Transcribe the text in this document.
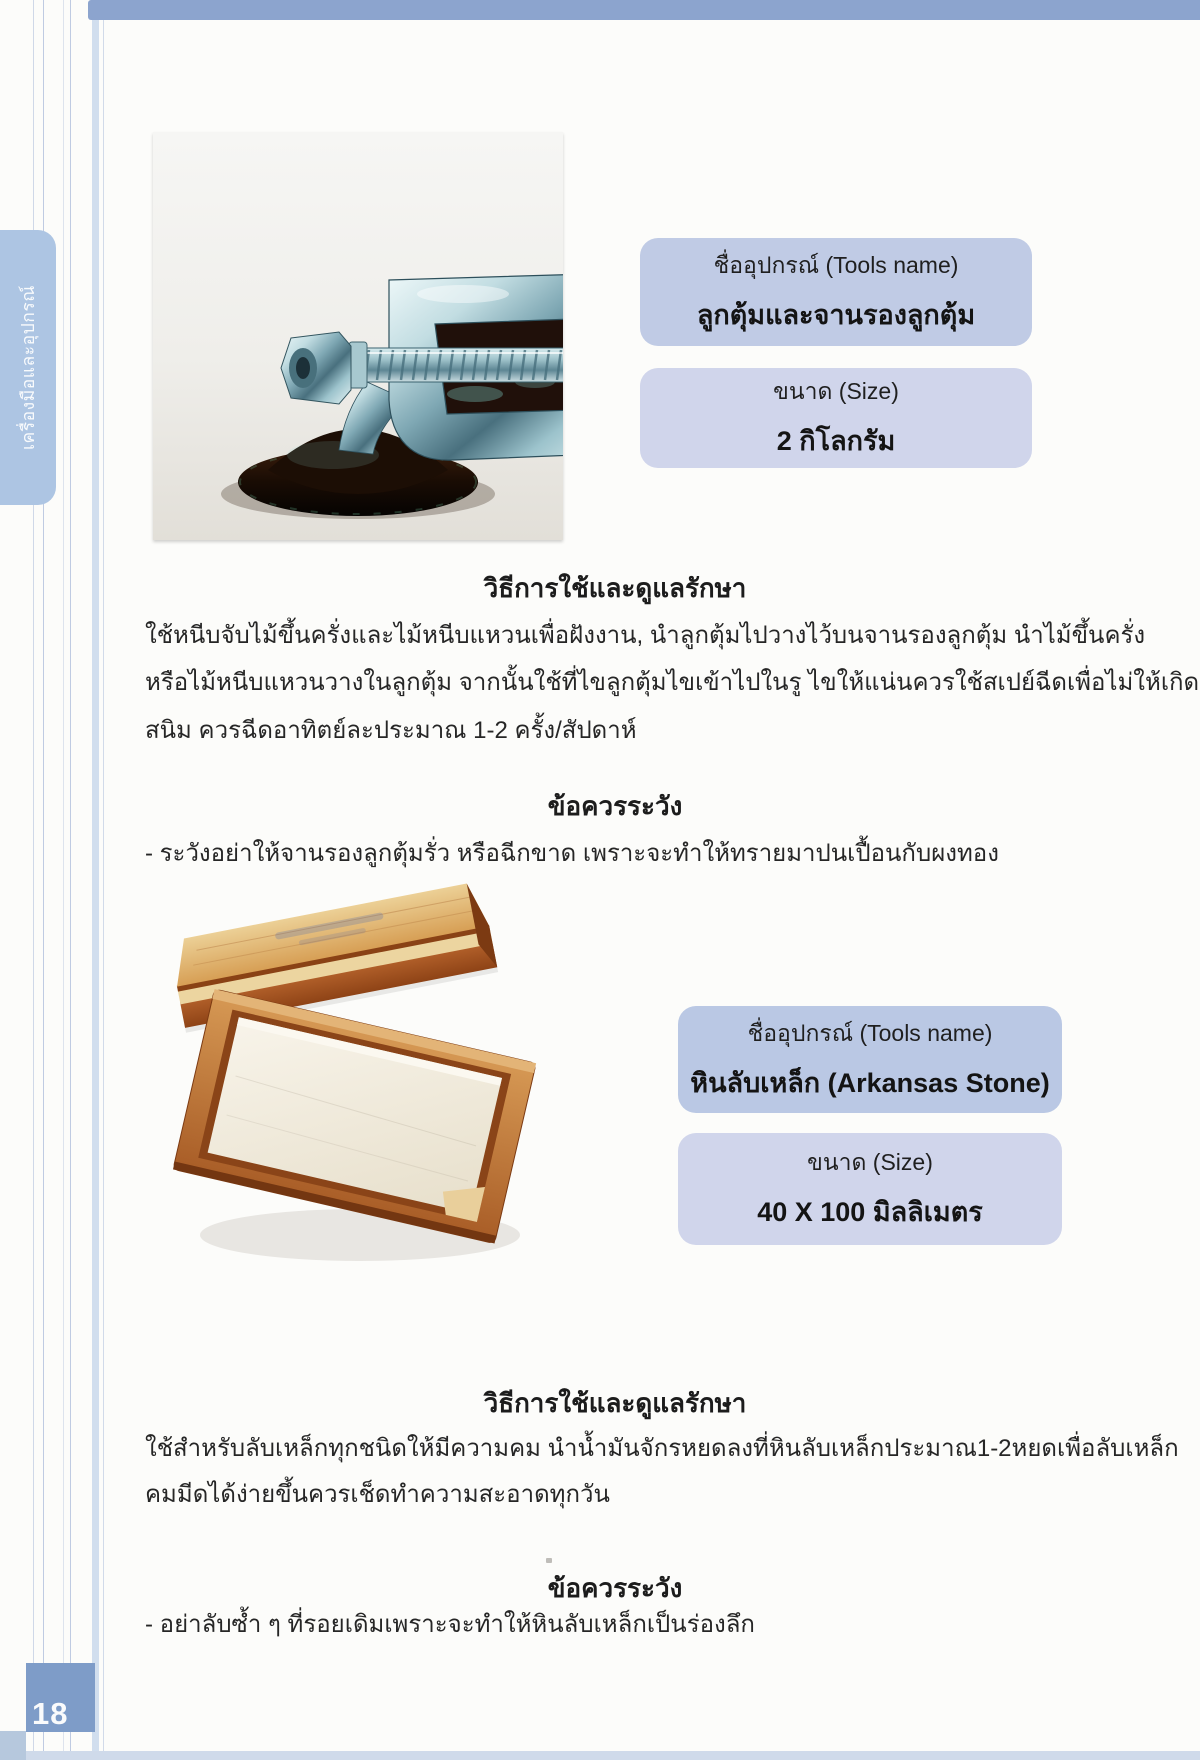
เครื่องมือและอุปกรณ์
18
ชื่ออุปกรณ์ (Tools name)
ลูกตุ้มและจานรองลูกตุ้ม
ขนาด (Size)
2 กิโลกรัม
วิธีการใช้และดูแลรักษา
ใช้หนีบจับไม้ขึ้นครั่งและไม้หนีบแหวนเพื่อฝังงาน, นำลูกตุ้มไปวางไว้บนจานรองลูกตุ้ม นำไม้ขึ้นครั่ง
หรือไม้หนีบแหวนวางในลูกตุ้ม จากนั้นใช้ที่ไขลูกตุ้มไขเข้าไปในรู ไขให้แน่นควรใช้สเปย์ฉีดเพื่อไม่ให้เกิด
สนิม ควรฉีดอาทิตย์ละประมาณ 1-2 ครั้ง/สัปดาห์
ข้อควรระวัง
- ระวังอย่าให้จานรองลูกตุ้มรั่ว หรือฉีกขาด เพราะจะทำให้ทรายมาปนเปื้อนกับผงทอง
ชื่ออุปกรณ์ (Tools name)
หินลับเหล็ก (Arkansas Stone)
ขนาด (Size)
40 X 100 มิลลิเมตร
วิธีการใช้และดูแลรักษา
ใช้สำหรับลับเหล็กทุกชนิดให้มีความคม นำน้ำมันจักรหยดลงที่หินลับเหล็กประมาณ1-2หยดเพื่อลับเหล็ก
คมมีดได้ง่ายขึ้นควรเช็ดทำความสะอาดทุกวัน
ข้อควรระวัง
- อย่าลับซ้ำ ๆ ที่รอยเดิมเพราะจะทำให้หินลับเหล็กเป็นร่องลึก
